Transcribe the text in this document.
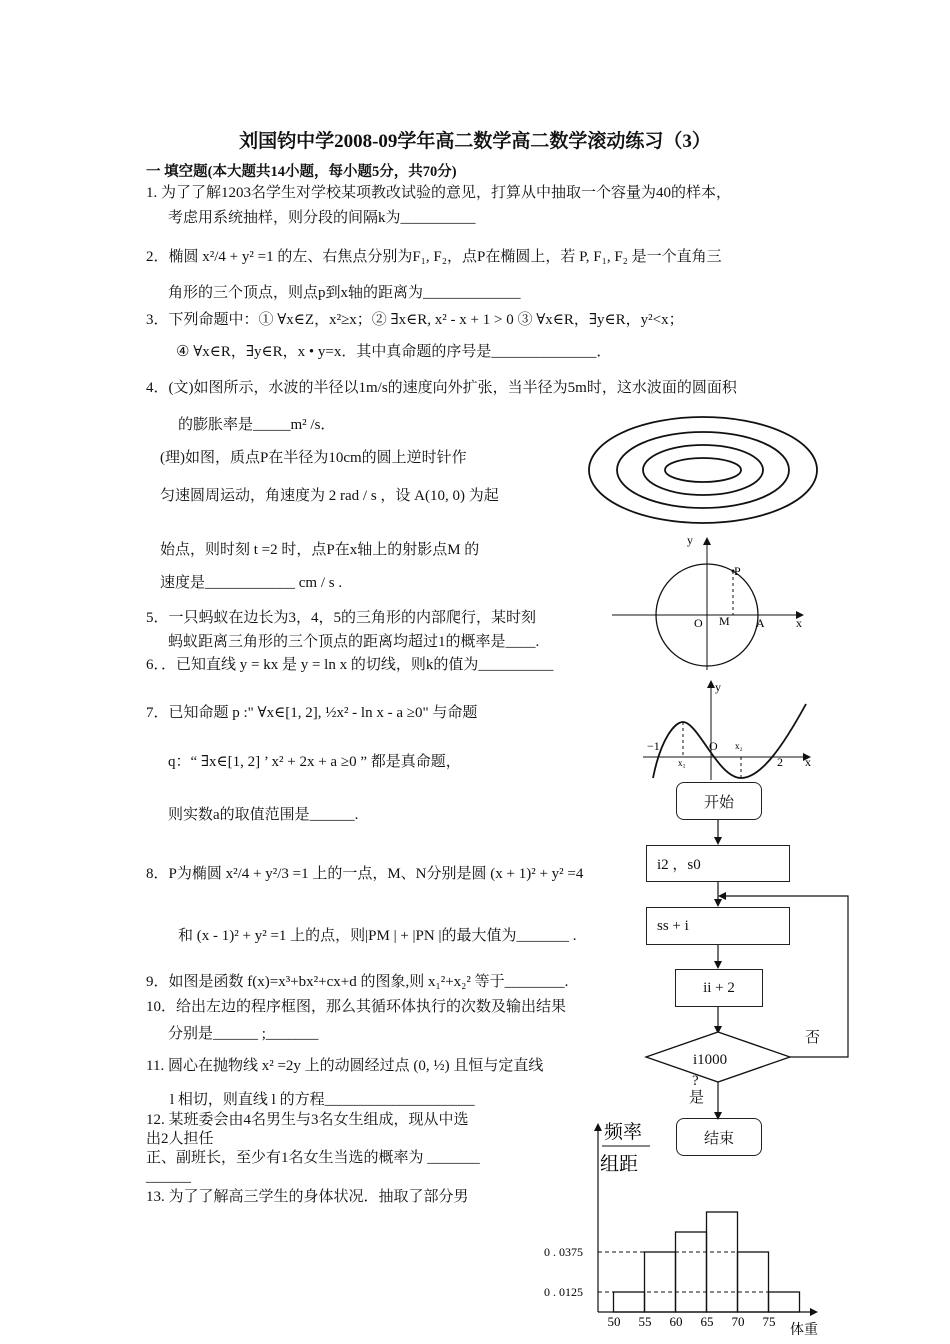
刘国钧中学2008-09学年高二数学高二数学滚动练习（3）
一 填空题(本大题共14小题，每小题5分，共70分)
1. 为了了解1203名学生对学校某项教改试验的意见，打算从中抽取一个容量为40的样本，
考虑用系统抽样，则分段的间隔k为__________
2．椭圆 x²/4 + y² =1 的左、右焦点分别为F₁, F₂，点P在椭圆上，若 P, F₁, F₂ 是一个直角三
角形的三个顶点，则点p到x轴的距离为_____________
3．下列命题中：① ∀x∈Z，x²≥x；② ∃x∈R, x² - x + 1 > 0 ③ ∀x∈R，∃y∈R，y²<x；
④ ∀x∈R，∃y∈R，x • y=x．其中真命题的序号是______________．
4．(文)如图所示，水波的半径以1m/s的速度向外扩张，当半径为5m时，这水波面的圆面积
的膨胀率是_____m² /s．
(理)如图，质点P在半径为10cm的圆上逆时针作
匀速圆周运动，角速度为 2 rad / s ，设 A(10, 0) 为起
始点，则时刻 t =2 时，点P在x轴上的射影点M 的
速度是____________ cm / s .
5．一只蚂蚁在边长为3，4，5的三角形的内部爬行，某时刻
蚂蚁距离三角形的三个顶点的距离均超过1的概率是____.
6．．已知直线 y = kx 是 y = ln x 的切线，则k的值为__________
7．已知命题 p :" ∀x∈[1, 2], ½x² - ln x - a ≥0" 与命题
q：“ ∃x∈[1, 2] ’ x² + 2x + a ≥0 ” 都是真命题，
则实数a的取值范围是______.
8．P为椭圆 x²/4 + y²/3 =1 上的一点，M、N分别是圆 (x + 1)² + y² =4
和 (x - 1)² + y² =1 上的点，则|PM | + |PN |的最大值为_______ .
9．如图是函数 f(x)=x³+bx²+cx+d 的图象,则 x₁²+x₂² 等于________.
10．给出左边的程序框图，那么其循环体执行的次数及输出结果
分别是______ ;_______
11. 圆心在抛物线 x² =2y 上的动圆经过点 (0, ½) 且恒与定直线
l 相切，则直线 l 的方程____________________
12. 某班委会由4名男生与3名女生组成，现从中选
出2人担任
正、副班长，至少有1名女生当选的概率为 _______
______
13. 为了了解高三学生的身体状况．抽取了部分男
y
x
P
O M A
y
x
−1	O
x₁
x₂
2
开始
i2 ，s0
ss + i
ii + 2
i1000
?
否
是
0 . 0375
0 . 0125
50 55 60 65 70 75
频率
组距
体重
结束
